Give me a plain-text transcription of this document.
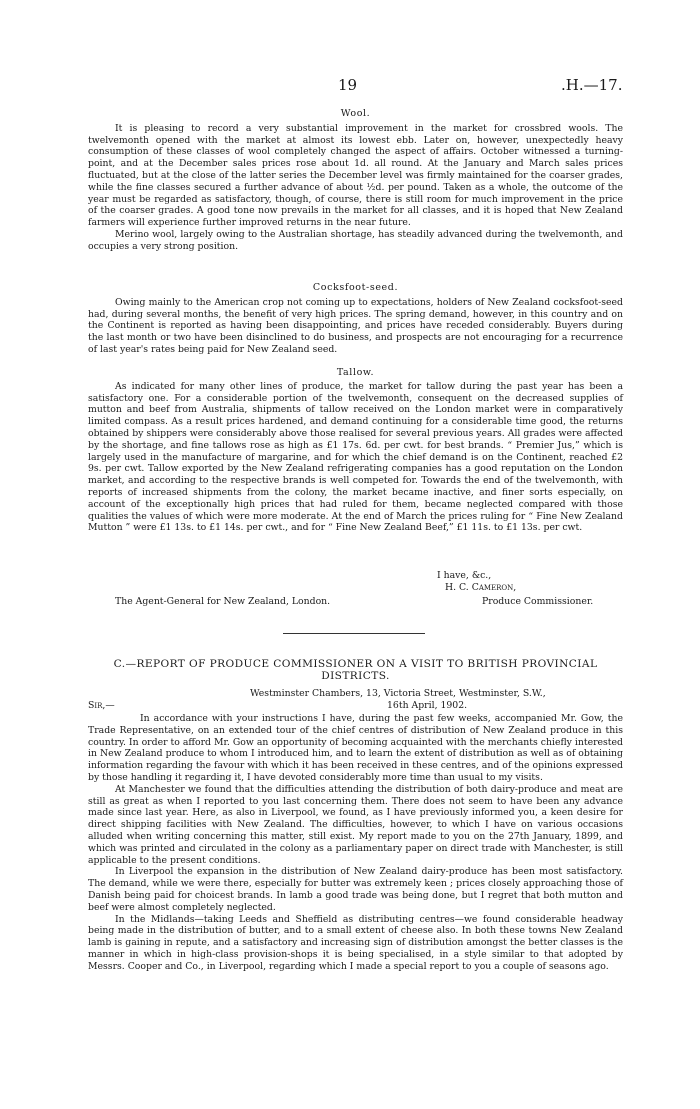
19	.H.—17.
Wool.

It is pleasing to record a very substantial improvement in the market for crossbred wools. The twelvemonth opened with the market at almost its lowest ebb. Later on, however, unexpectedly heavy consumption of these classes of wool completely changed the aspect of affairs. October witnessed a turning-point, and at the December sales prices rose about 1d. all round. At the January and March sales prices fluctuated, but at the close of the latter series the December level was firmly maintained for the coarser grades, while the fine classes secured a further advance of about ½d. per pound. Taken as a whole, the outcome of the year must be regarded as satisfactory, though, of course, there is still room for much improvement in the price of the coarser grades. A good tone now prevails in the market for all classes, and it is hoped that New Zealand farmers will experience further improved returns in the near future.

Merino wool, largely owing to the Australian shortage, has steadily advanced during the twelvemonth, and occupies a very strong position.

Cocksfoot-seed.

Owing mainly to the American crop not coming up to expectations, holders of New Zealand cocksfoot-seed had, during several months, the benefit of very high prices. The spring demand, however, in this country and on the Continent is reported as having been disappointing, and prices have receded considerably. Buyers during the last month or two have been disinclined to do business, and prospects are not encouraging for a recurrence of last year's rates being paid for New Zealand seed.

Tallow.

As indicated for many other lines of produce, the market for tallow during the past year has been a satisfactory one. For a considerable portion of the twelvemonth, consequent on the decreased supplies of mutton and beef from Australia, shipments of tallow received on the London market were in comparatively limited compass. As a result prices hardened, and demand continuing for a considerable time good, the returns obtained by shippers were considerably above those realised for several previous years. All grades were affected by the shortage, and fine tallows rose as high as £1 17s. 6d. per cwt. for best brands. “ Premier Jus,” which is largely used in the manufacture of margarine, and for which the chief demand is on the Continent, reached £2 9s. per cwt. Tallow exported by the New Zealand refrigerating companies has a good reputation on the London market, and according to the respective brands is well competed for. Towards the end of the twelvemonth, with reports of increased shipments from the colony, the market became inactive, and finer sorts especially, on account of the exceptionally high prices that had ruled for them, became neglected compared with those qualities the values of which were more moderate. At the end of March the prices ruling for “ Fine New Zealand Mutton ” were £1 13s. to £1 14s. per cwt., and for “ Fine New Zealand Beef,” £1 11s. to £1 13s. per cwt.

I have, &c.,
H. C. Cameron,
The Agent-General for New Zealand, London.	Produce Commissioner.
C.—REPORT OF PRODUCE COMMISSIONER ON A VISIT TO BRITISH PROVINCIAL
DISTRICTS.
Westminster Chambers, 13, Victoria Street, Westminster, S.W.,
Sir,—	16th April, 1902.

In accordance with your instructions I have, during the past few weeks, accompanied Mr. Gow, the Trade Representative, on an extended tour of the chief centres of distribution of New Zealand produce in this country. In order to afford Mr. Gow an opportunity of becoming acquainted with the merchants chiefly interested in New Zealand produce to whom I introduced him, and to learn the extent of distribution as well as of obtaining information regarding the favour with which it has been received in these centres, and of the opinions expressed by those handling it regarding it, I have devoted considerably more time than usual to my visits.

At Manchester we found that the difficulties attending the distribution of both dairy-produce and meat are still as great as when I reported to you last concerning them. There does not seem to have been any advance made since last year. Here, as also in Liverpool, we found, as I have previously informed you, a keen desire for direct shipping facilities with New Zealand. The difficulties, however, to which I have on various occasions alluded when writing concerning this matter, still exist. My report made to you on the 27th January, 1899, and which was printed and circulated in the colony as a parliamentary paper on direct trade with Manchester, is still applicable to the present conditions.

In Liverpool the expansion in the distribution of New Zealand dairy-produce has been most satisfactory. The demand, while we were there, especially for butter was extremely keen ; prices closely approaching those of Danish being paid for choicest brands. In lamb a good trade was being done, but I regret that both mutton and beef were almost completely neglected.

In the Midlands—taking Leeds and Sheffield as distributing centres—we found considerable headway being made in the distribution of butter, and to a small extent of cheese also. In both these towns New Zealand lamb is gaining in repute, and a satisfactory and increasing sign of distribution amongst the better classes is the manner in which in high-class provision-shops it is being specialised, in a style similar to that adopted by Messrs. Cooper and Co., in Liverpool, regarding which I made a special report to you a couple of seasons ago.
